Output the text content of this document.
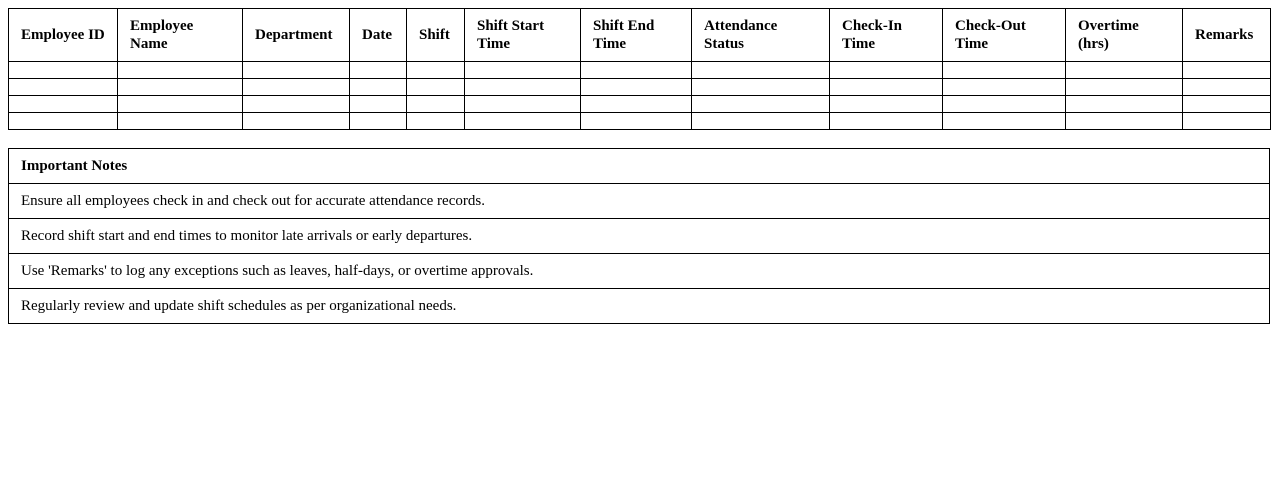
Employee ID	Employee Name	Department	Date	Shift	Shift Start Time	Shift End Time	Attendance Status	Check-In Time	Check-Out Time	Overtime (hrs)	Remarks

Important Notes
Ensure all employees check in and check out for accurate attendance records.
Record shift start and end times to monitor late arrivals or early departures.
Use 'Remarks' to log any exceptions such as leaves, half-days, or overtime approvals.
Regularly review and update shift schedules as per organizational needs.
